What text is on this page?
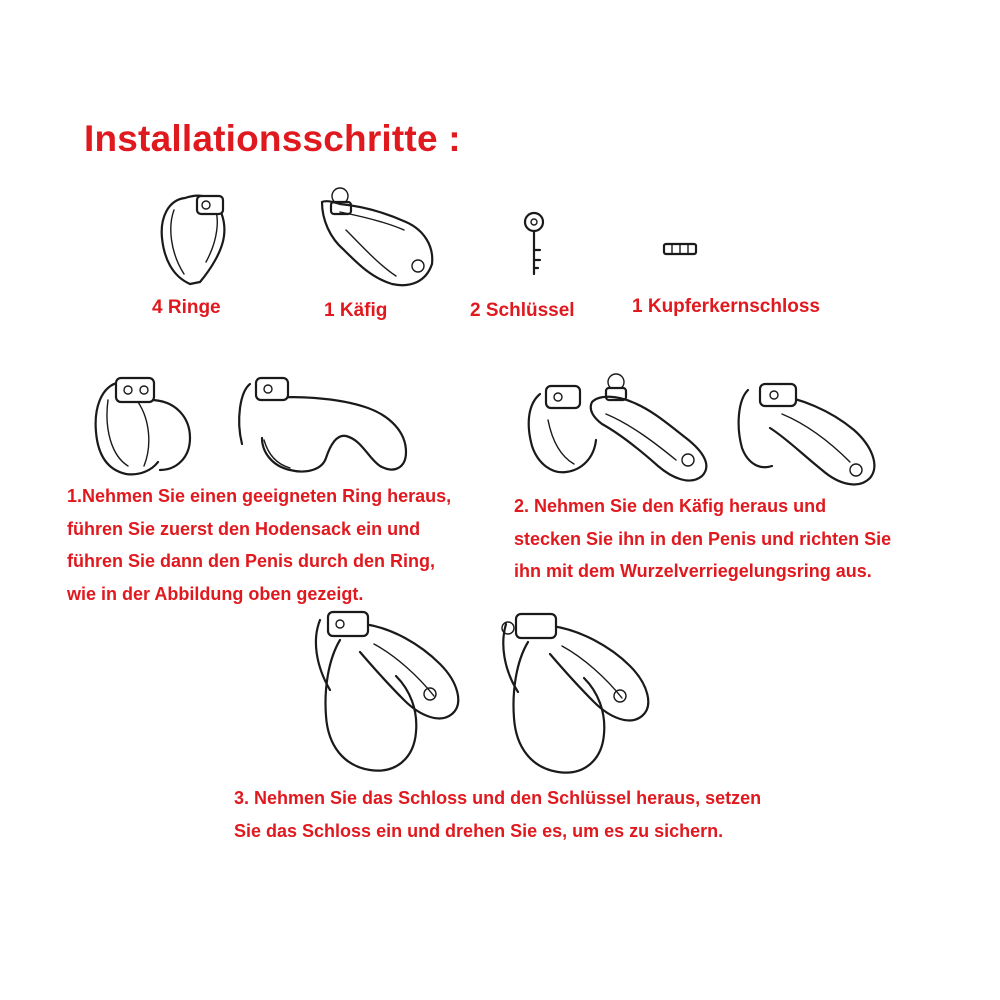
Installationsschritte :
4 Ringe	1 Käfig	2 Schlüssel	1 Kupferkernschloss
1.Nehmen Sie einen geeigneten Ring heraus,
führen Sie zuerst den Hodensack ein und
führen Sie dann den Penis durch den Ring,
wie in der Abbildung oben gezeigt.
2. Nehmen Sie den Käfig heraus und
stecken Sie ihn in den Penis und richten Sie
ihn mit dem Wurzelverriegelungsring aus.
3. Nehmen Sie das Schloss und den Schlüssel heraus, setzen
Sie das Schloss ein und drehen Sie es, um es zu sichern.
